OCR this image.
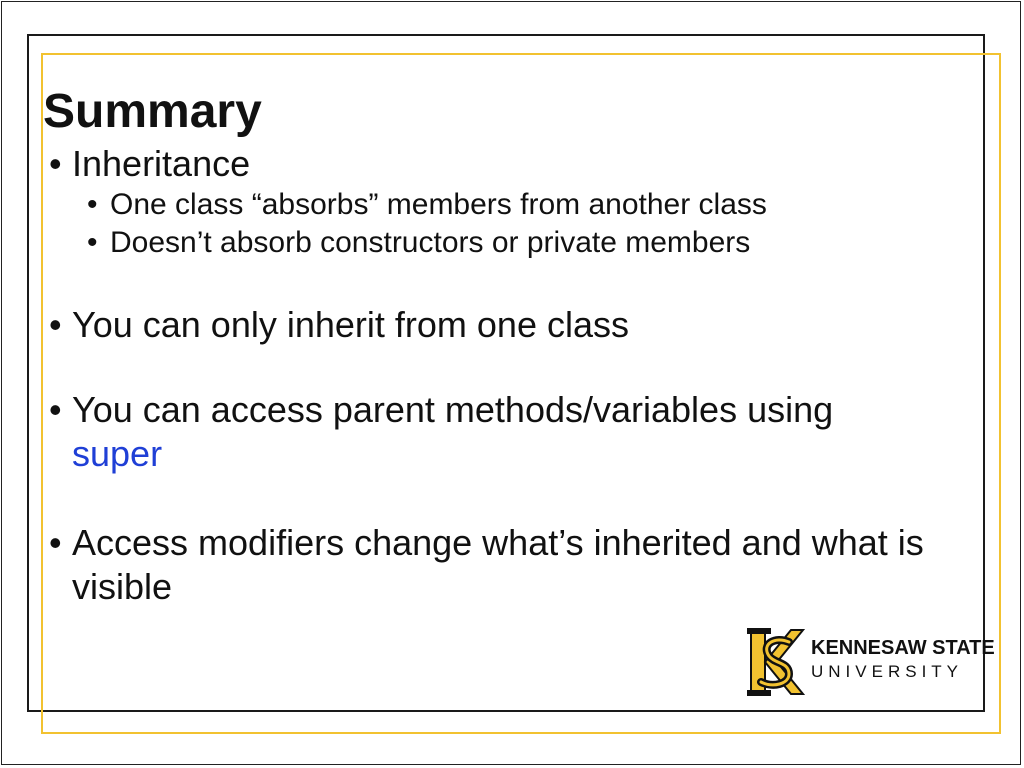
Summary
• Inheritance
• One class “absorbs” members from another class
• Doesn’t absorb constructors or private members
• You can only inherit from one class
• You can access parent methods/variables using
super
• Access modifiers change what’s inherited and what is visible
KENNESAW STATE
UNIVERSITY
